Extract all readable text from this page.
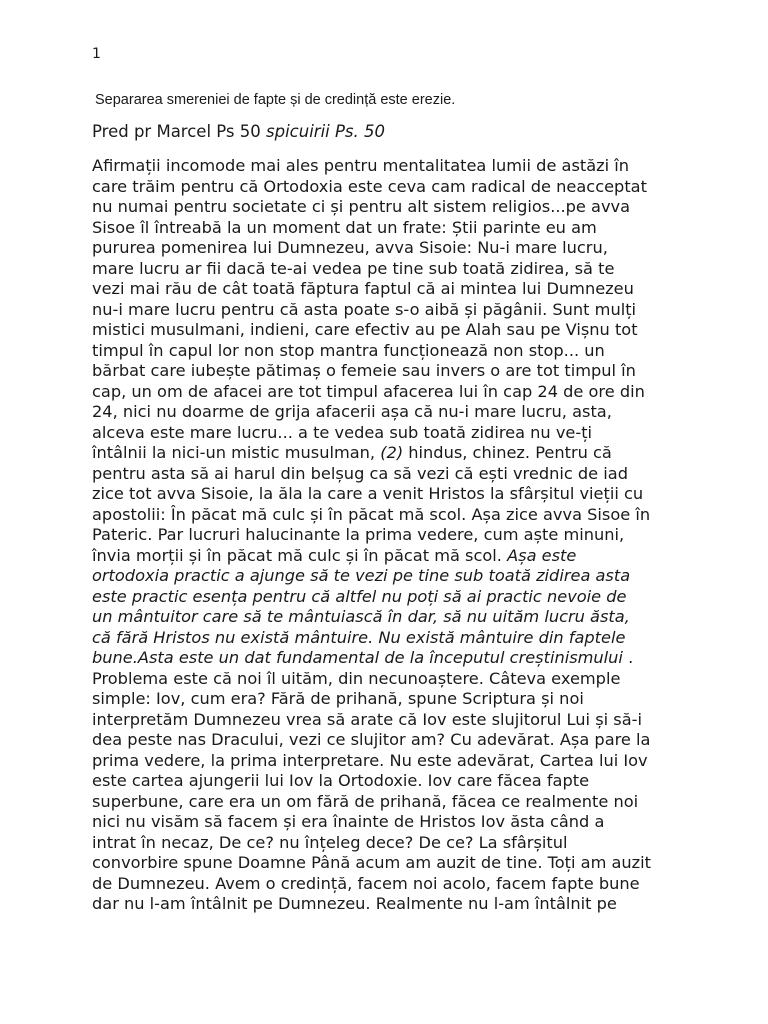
1
Separarea smereniei de fapte și de credință este erezie.
Pred pr Marcel Ps 50 spicuirii Ps. 50
Afirmații incomode mai ales pentru mentalitatea lumii de astăzi în
care trăim pentru că Ortodoxia este ceva cam radical de neacceptat
nu numai pentru societate ci și pentru alt sistem religios...pe avva
Sisoe îl întreabă la un moment dat un frate: Știi parinte eu am
pururea pomenirea lui Dumnezeu, avva Sisoie: Nu-i mare lucru,
mare lucru ar fii dacă te-ai vedea pe tine sub toată zidirea, să te
vezi mai rău de cât toată făptura faptul că ai mintea lui Dumnezeu
nu-i mare lucru pentru că asta poate s-o aibă și păgânii. Sunt mulți
mistici musulmani, indieni, care efectiv au pe Alah sau pe Vișnu tot
timpul în capul lor non stop mantra funcționează non stop... un
bărbat care iubește pătimaș o femeie sau invers o are tot timpul în
cap, un om de afacei are tot timpul afacerea lui în cap 24 de ore din
24, nici nu doarme de grija afacerii așa că nu-i mare lucru, asta,
alceva este mare lucru... a te vedea sub toată zidirea nu ve-ți
întâlnii la nici-un mistic musulman, (2) hindus, chinez. Pentru că
pentru asta să ai harul din belșug ca să vezi că ești vrednic de iad
zice tot avva Sisoie, la ăla la care a venit Hristos la sfârșitul vieții cu
apostolii: În păcat mă culc și în păcat mă scol. Așa zice avva Sisoe în
Pateric. Par lucruri halucinante la prima vedere, cum aște minuni,
învia morții și în păcat mă culc și în păcat mă scol. Așa este
ortodoxia practic a ajunge să te vezi pe tine sub toată zidirea asta
este practic esența pentru că altfel nu poți să ai practic nevoie de
un mântuitor care să te mântuiască în dar, să nu uităm lucru ăsta,
că fără Hristos nu există mântuire. Nu există mântuire din faptele
bune.Asta este un dat fundamental de la începutul creștinismului .
Problema este că noi îl uităm, din necunoaștere. Câteva exemple
simple: Iov, cum era? Fără de prihană, spune Scriptura și noi
interpretăm Dumnezeu vrea să arate că Iov este slujitorul Lui și să-i
dea peste nas Dracului, vezi ce slujitor am? Cu adevărat. Așa pare la
prima vedere, la prima interpretare. Nu este adevărat, Cartea lui Iov
este cartea ajungerii lui Iov la Ortodoxie. Iov care făcea fapte
superbune, care era un om fără de prihană, făcea ce realmente noi
nici nu visăm să facem și era înainte de Hristos Iov ăsta când a
intrat în necaz, De ce? nu înțeleg dece? De ce? La sfârșitul
convorbire spune Doamne Până acum am auzit de tine. Toți am auzit
de Dumnezeu. Avem o credință, facem noi acolo, facem fapte bune
dar nu l-am întâlnit pe Dumnezeu. Realmente nu l-am întâlnit pe
